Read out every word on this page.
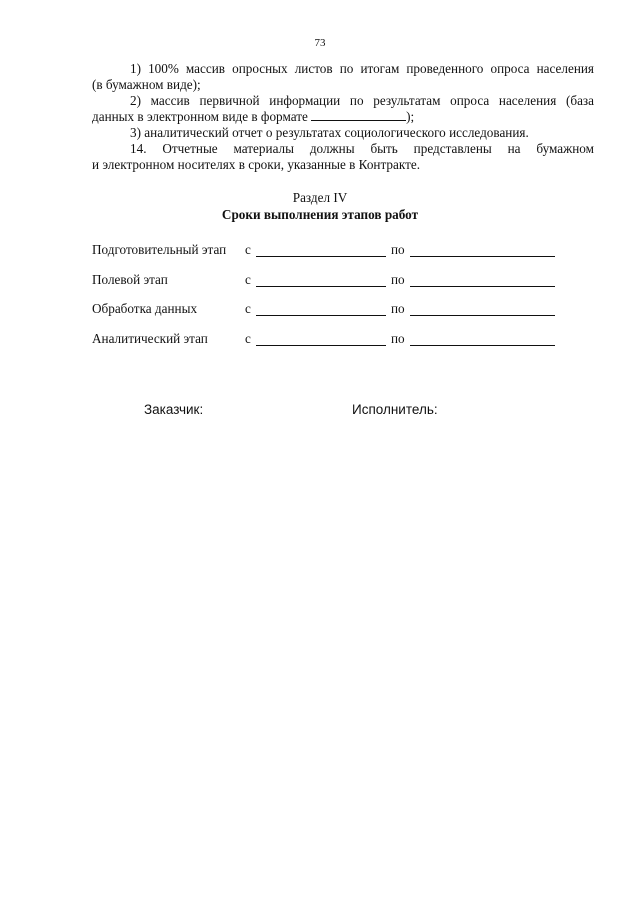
73

1) 100% массив опросных листов по итогам проведенного опроса населения

(в бумажном виде);

2) массив первичной информации по результатам опроса населения (база

данных в электронном виде в формате	);
3) аналитический отчет о результатах социологического исследования.

14. Отчетные материалы должны быть представлены на бумажном

и электронном носителях в сроки, указанные в Контракте.
Раздел IV
Сроки выполнения этапов работ
Подготовительный этап с	по
Полевой этап	с	по
Обработка данных	с	по
Аналитический этап	с	по
Заказчик:	Исполнитель:
